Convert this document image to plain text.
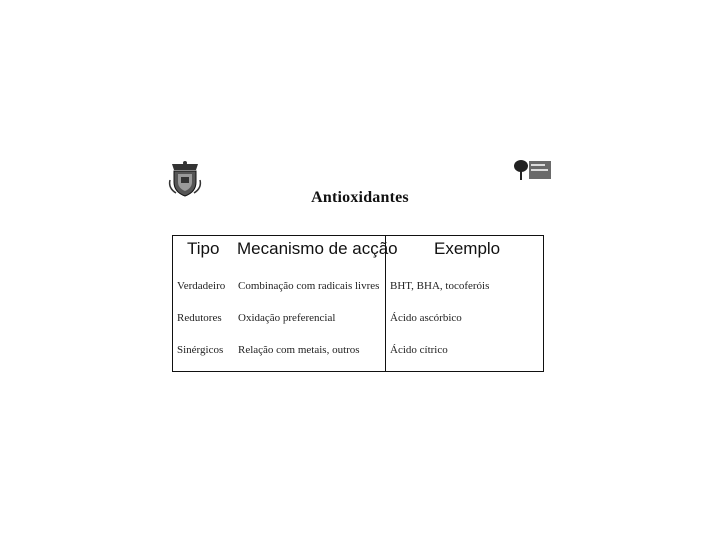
Antioxidantes
Tipo Mecanismo de acção Exemplo
Verdadeiro Combinação com radicais livres BHT, BHA, tocoferóis
Redutores Oxidação preferencial	Ácido ascórbico
Sinérgicos Relação com metais, outros	Ácido cítrico
